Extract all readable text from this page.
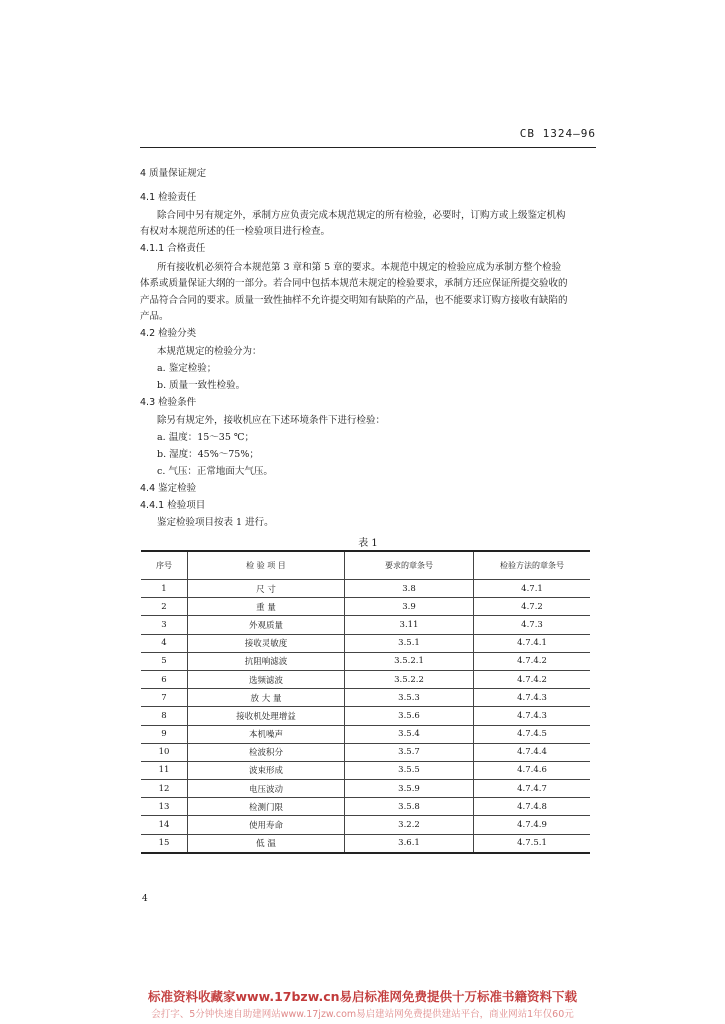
CB 1324—96
4 质量保证规定
4.1 检验责任
除合同中另有规定外，承制方应负责完成本规范规定的所有检验，必要时，订购方或上级鉴定机构
有权对本规范所述的任一检验项目进行检查。
4.1.1 合格责任
所有接收机必须符合本规范第 3 章和第 5 章的要求。本规范中规定的检验应成为承制方整个检验
体系或质量保证大纲的一部分。若合同中包括本规范未规定的检验要求，承制方还应保证所提交验收的
产品符合合同的要求。质量一致性抽样不允许提交明知有缺陷的产品，也不能要求订购方接收有缺陷的
产品。
4.2 检验分类
本规范规定的检验分为：
a. 鉴定检验；
b. 质量一致性检验。
4.3 检验条件
除另有规定外，接收机应在下述环境条件下进行检验：
a. 温度：15～35 ℃；
b. 湿度：45%～75%；
c. 气压：正常地面大气压。
4.4 鉴定检验
4.4.1 检验项目
鉴定检验项目按表 1 进行。
表 1
序号	检 验 项 目	要求的章条号	检验方法的章条号
1	尺 寸	3.8	4.7.1
2	重 量	3.9	4.7.2
3	外观质量	3.11	4.7.3
4	接收灵敏度	3.5.1	4.7.4.1
5	抗阻响滤波	3.5.2.1	4.7.4.2
6	选频滤波	3.5.2.2	4.7.4.2
7	放 大 量	3.5.3	4.7.4.3
8	接收机处理增益	3.5.6	4.7.4.3
9	本机噪声	3.5.4	4.7.4.5
10	检波积分	3.5.7	4.7.4.4
11	波束形成	3.5.5	4.7.4.6
12	电压波动	3.5.9	4.7.4.7
13	检测门限	3.5.8	4.7.4.8
14	使用寿命	3.2.2	4.7.4.9
15	低 温	3.6.1	4.7.5.1
4
标准资料收藏家www.17bzw.cn易启标准网免费提供十万标准书籍资料下载
会打字、5分钟快速自助建网站www.17jzw.com易启建站网免费提供建站平台，商业网站1年仅60元
